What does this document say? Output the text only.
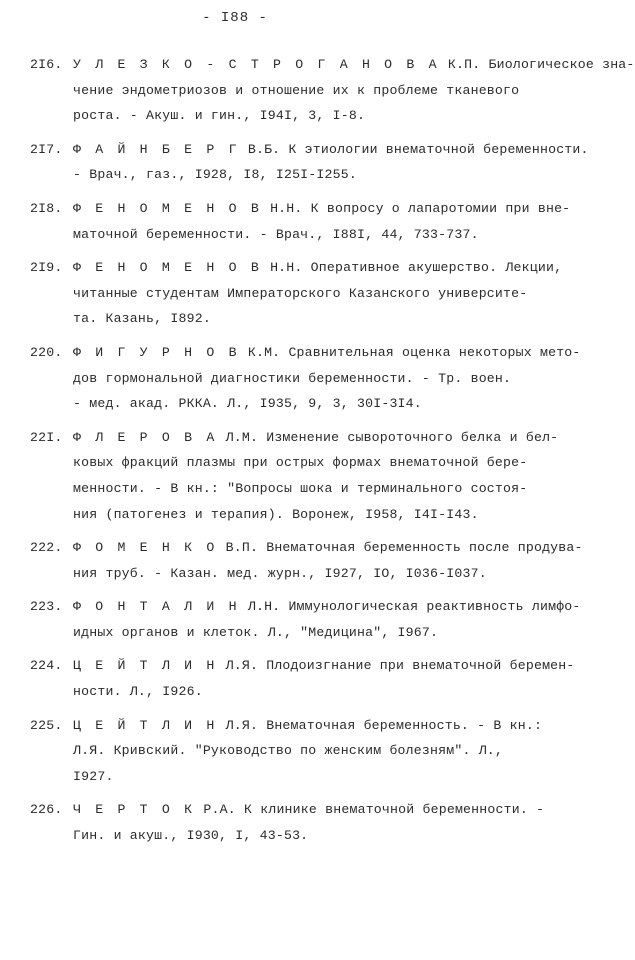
- I88 -
2I6. У Л Е З К О - С Т Р О Г А Н О В А К.П. Биологическое зна-
чение эндометриозов и отношение их к проблеме тканевого
роста. - Акуш. и гин., I94I, 3, I-8.
2I7. Ф А Й Н Б Е Р Г В.Б. К этиологии внематочной беременности.
- Врач., газ., I928, I8, I25I-I255.
2I8. Ф Е Н О М Е Н О В Н.Н. К вопросу о лапаротомии при вне-
маточной беременности. - Врач., I88I, 44, 733-737.
2I9. Ф Е Н О М Е Н О В Н.Н. Оперативное акушерство. Лекции,
читанные студентам Императорского Казанского университе-
та. Казань, I892.
220. Ф И Г У Р Н О В К.М. Сравнительная оценка некоторых мето-
дов гормональной диагностики беременности. - Тр. воен.
- мед. акад. РККА. Л., I935, 9, 3, 30I-3I4.
22I. Ф Л Е Р О В А Л.М. Изменение сывороточного белка и бел-
ковых фракций плазмы при острых формах внематочной бере-
менности. - В кн.: "Вопросы шока и терминального состоя-
ния (патогенез и терапия). Воронеж, I958, I4I-I43.
222. Ф О М Е Н К О В.П. Внематочная беременность после продува-
ния труб. - Казан. мед. журн., I927, IО, I036-I037.
223. Ф О Н Т А Л И Н Л.Н. Иммунологическая реактивность лимфо-
идных органов и клеток. Л., "Медицина", I967.
224. Ц Е Й Т Л И Н Л.Я. Плодоизгнание при внематочной беремен-
ности. Л., I926.
225. Ц Е Й Т Л И Н Л.Я. Внематочная беременность. - В кн.:
Л.Я. Кривский. "Руководство по женским болезням". Л.,
I927.
226. Ч Е Р Т О К Р.А. К клинике внематочной беременности. -
Гин. и акуш., I930, I, 43-53.
